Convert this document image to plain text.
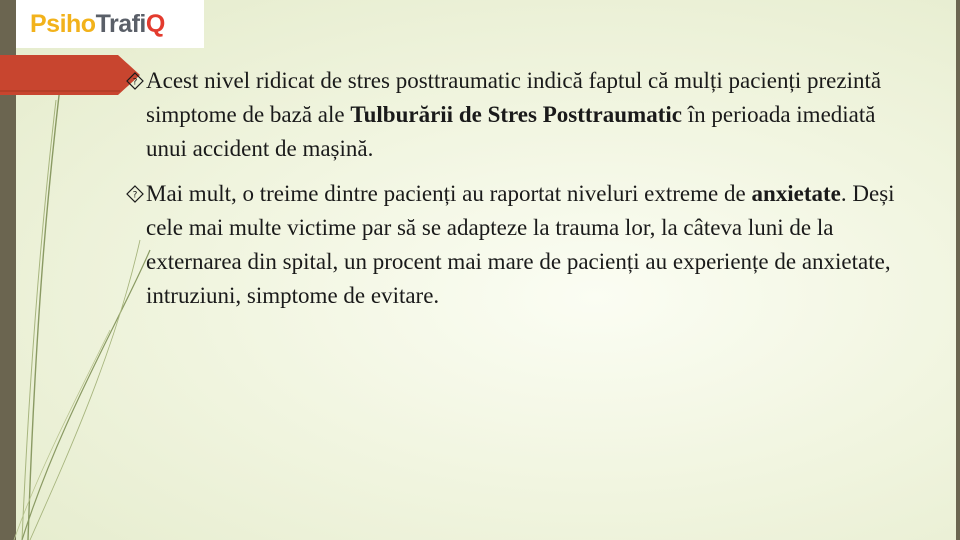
PsihoTrafiQ
? Acest nivel ridicat de stres posttraumatic indică faptul că mulți pacienți prezintă simptome de bază ale Tulburării de Stres Posttraumatic în perioada imediată unui accident de mașină.
? Mai mult, o treime dintre pacienți au raportat niveluri extreme de anxietate. Deși cele mai multe victime par să se adapteze la trauma lor, la câteva luni de la externarea din spital, un procent mai mare de pacienți au experiențe de anxietate, intruziuni, simptome de evitare.
